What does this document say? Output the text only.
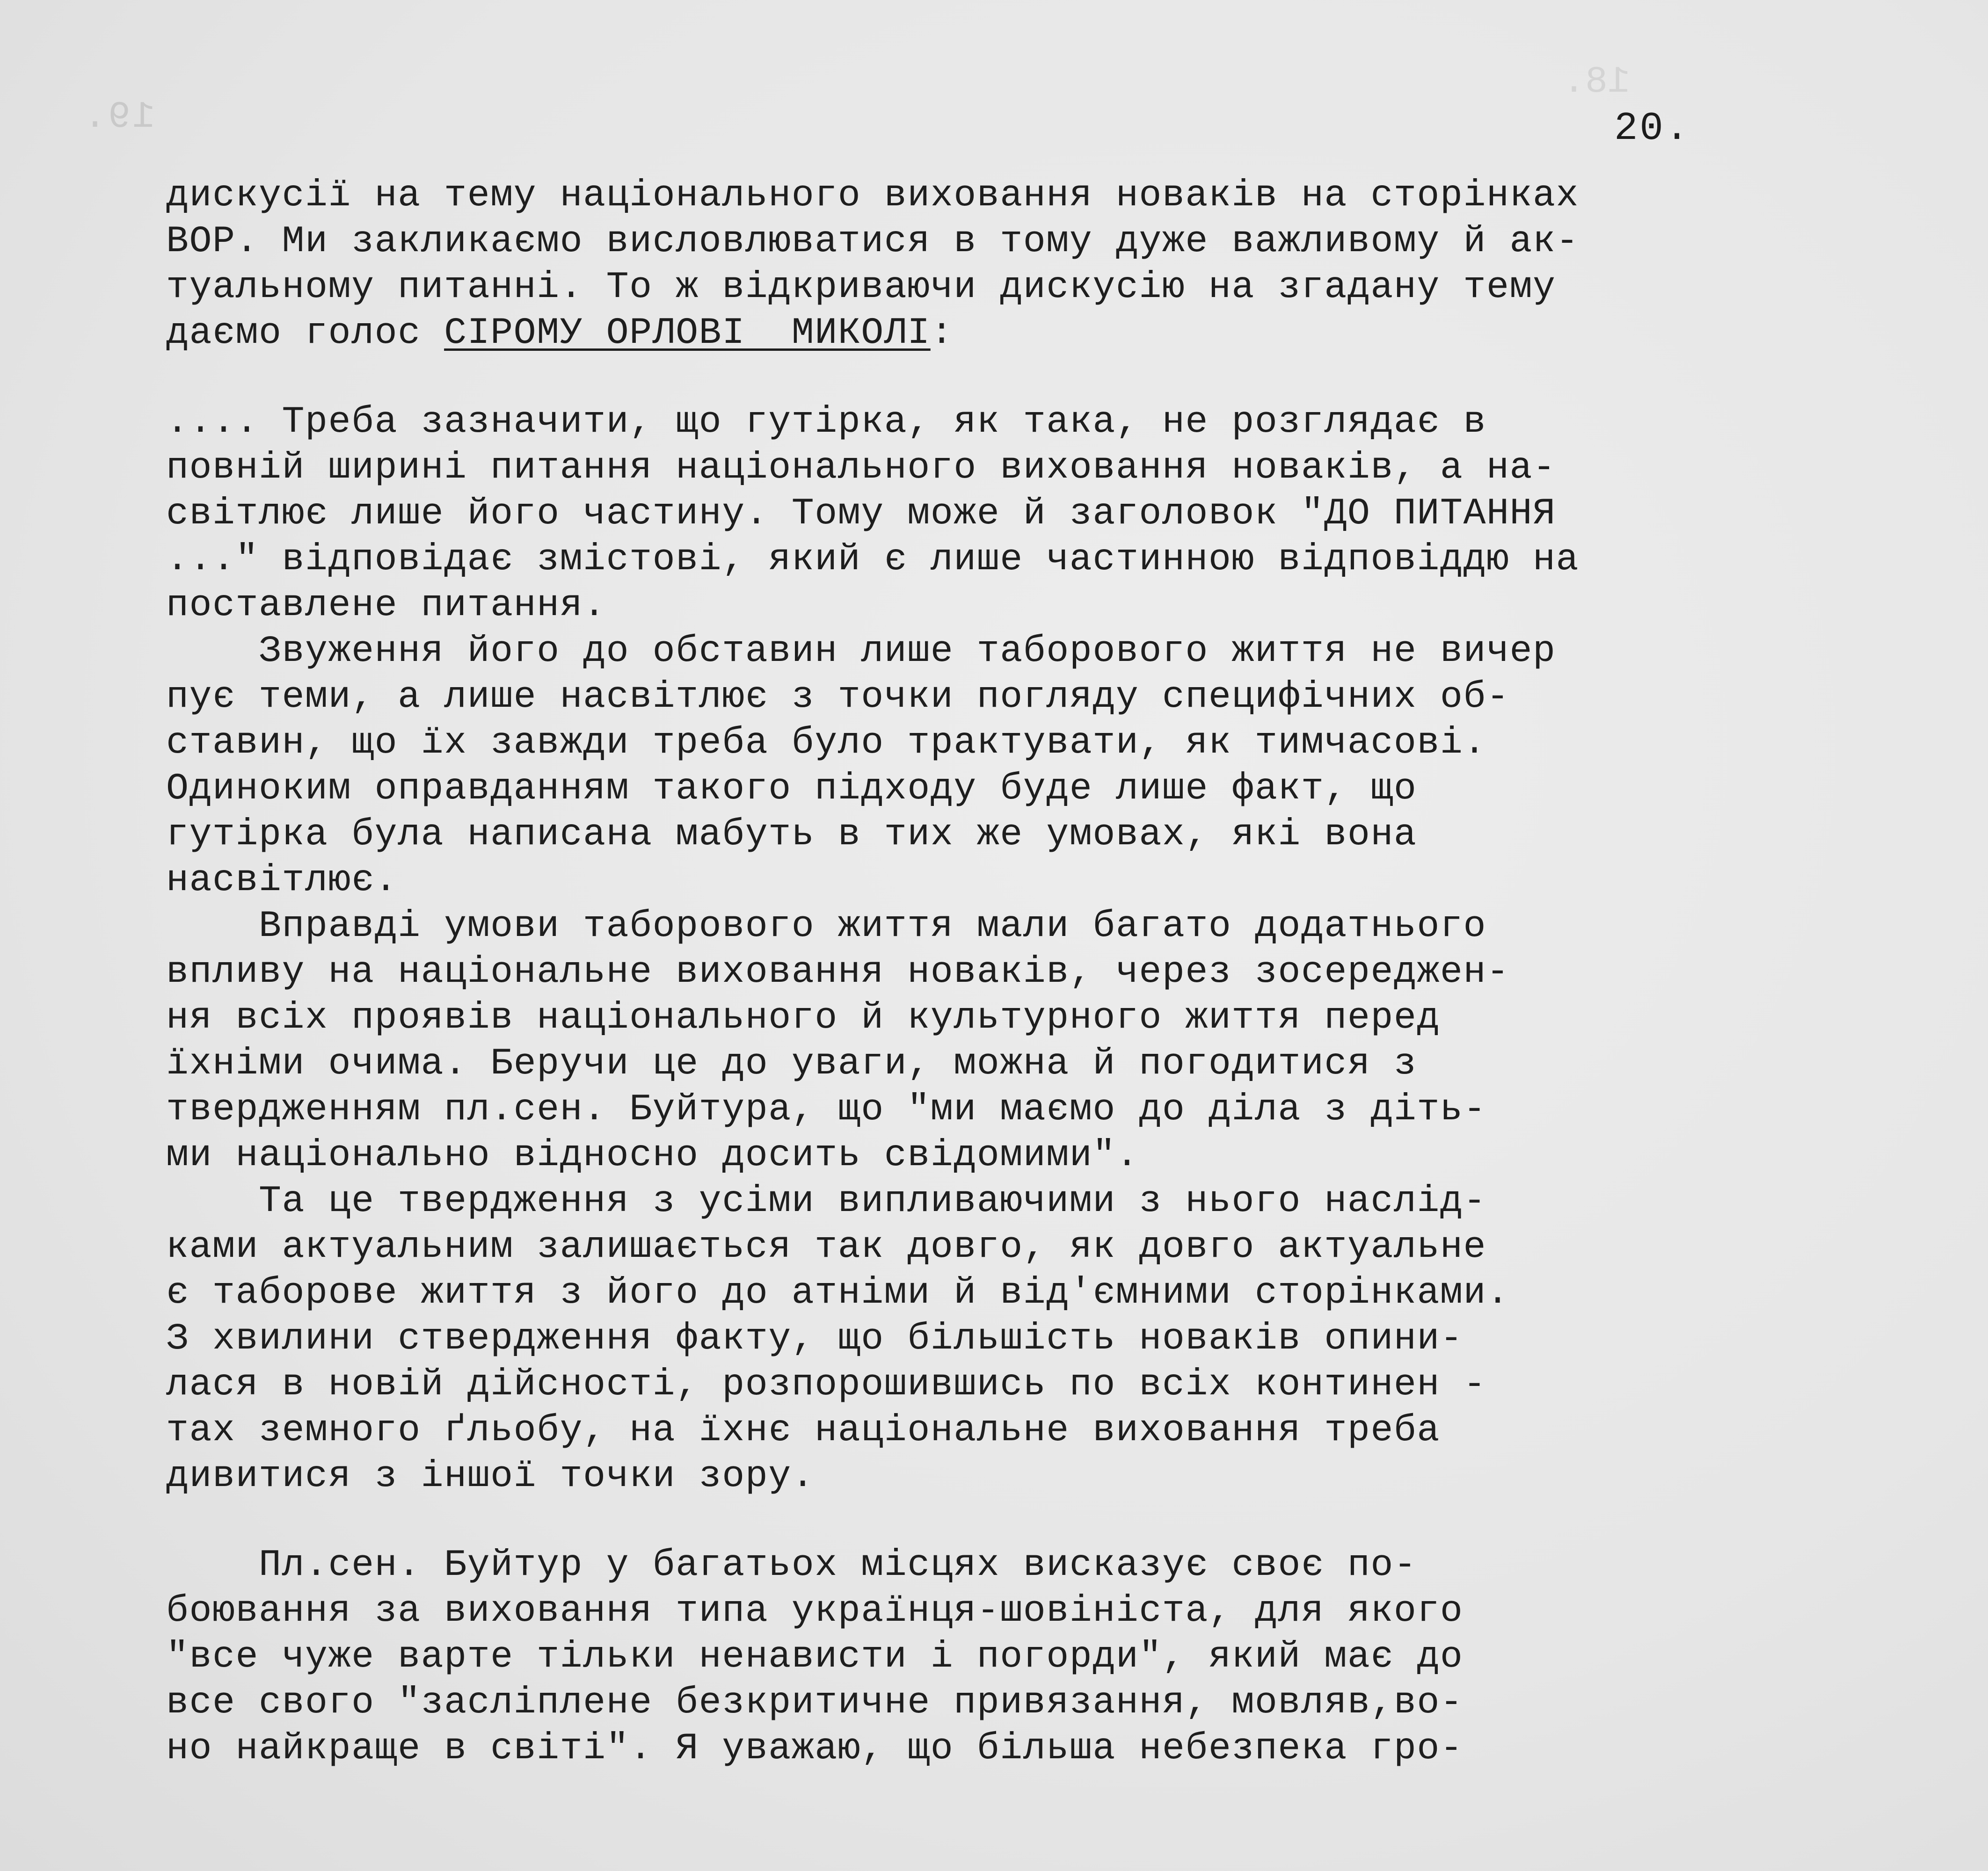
19.
18.
20.
дискусії на тему національного виховання новаків на сторінках
ВОР. Ми закликаємо висловлюватися в тому дуже важливому й ак-
туальному питанні. То ж відкриваючи дискусію на згадану тему
даємо голос СІРОМУ ОРЛОВІ  МИКОЛІ:
.... Треба зазначити, що гутірка, як така, не розглядає в
повній ширині питання національного виховання новаків, а на-
світлює лише його частину. Тому може й заголовок "ДО ПИТАННЯ
..." відповідає змістові, який є лише частинною відповіддю на
поставлене питання.
Звуження його до обставин лише таборового життя не вичер
пує теми, а лише насвітлює з точки погляду специфічних об-
ставин, що їх завжди треба було трактувати, як тимчасові.
Одиноким оправданням такого підходу буде лише факт, що
гутірка була написана мабуть в тих же умовах, які вона
насвітлює.
Вправді умови таборового життя мали багато додатнього
впливу на національне виховання новаків, через зосереджен-
ня всіх проявів національного й культурного життя перед
їхніми очима. Беручи це до уваги, можна й погодитися з
твердженням пл.сен. Буйтура, що "ми маємо до діла з діть-
ми національно відносно досить свідомими".
Та це твердження з усіми випливаючими з нього наслід-
ками актуальним залишається так довго, як довго актуальне
є таборове життя з його до атніми й від'ємними сторінками.
З хвилини ствердження факту, що більшість новаків опини-
лася в новій дійсності, розпорошившись по всіх континен -
тах земного ґльобу, на їхнє національне виховання треба
дивитися з іншої точки зору.
Пл.сен. Буйтур у багатьох місцях висказує своє по-
боювання за виховання типа українця-шовініста, для якого
"все чуже варте тільки ненависти і погорди", який має до
все свого "засліплене безкритичне привязання, мовляв,во-
но найкраще в світі". Я уважаю, що більша небезпека гро-
